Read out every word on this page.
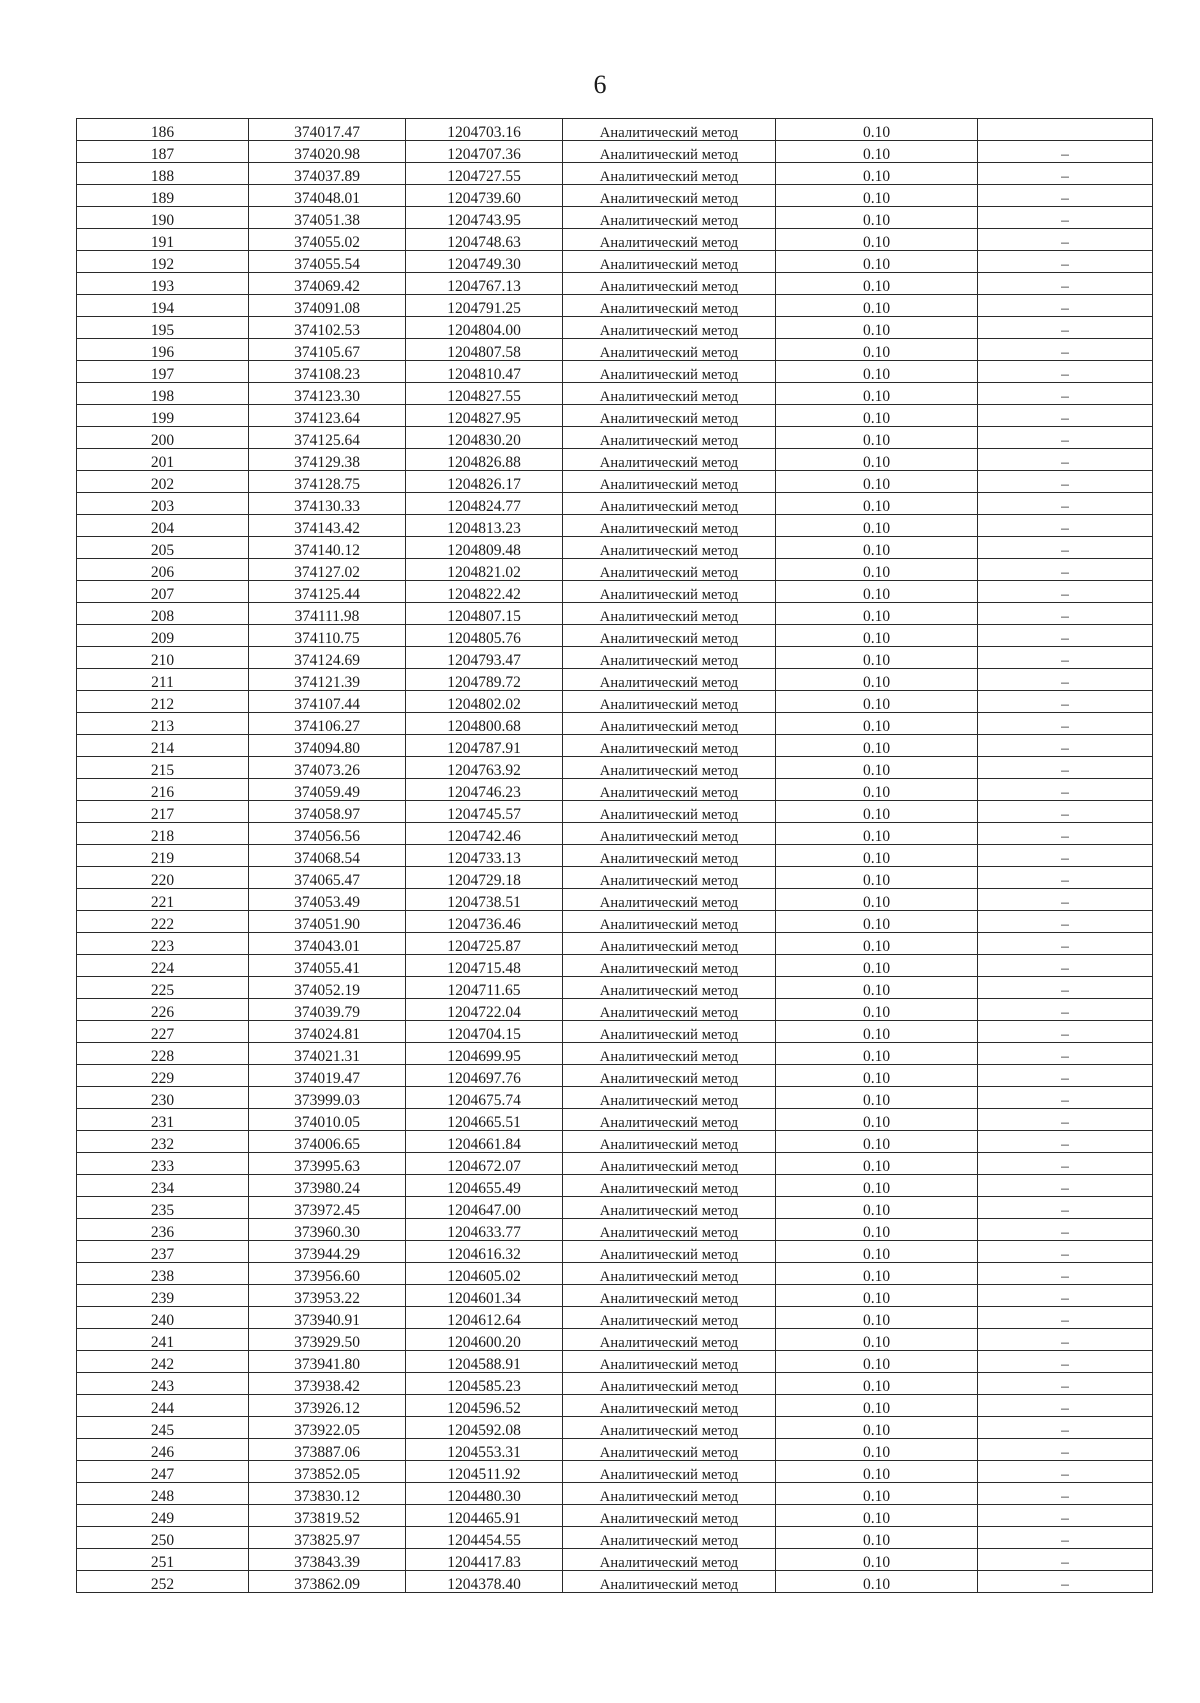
6
186	374017.47	1204703.16	Аналитический метод	0.10	
187	374020.98	1204707.36	Аналитический метод	0.10	–
188	374037.89	1204727.55	Аналитический метод	0.10	–
189	374048.01	1204739.60	Аналитический метод	0.10	–
190	374051.38	1204743.95	Аналитический метод	0.10	–
191	374055.02	1204748.63	Аналитический метод	0.10	–
192	374055.54	1204749.30	Аналитический метод	0.10	–
193	374069.42	1204767.13	Аналитический метод	0.10	–
194	374091.08	1204791.25	Аналитический метод	0.10	–
195	374102.53	1204804.00	Аналитический метод	0.10	–
196	374105.67	1204807.58	Аналитический метод	0.10	–
197	374108.23	1204810.47	Аналитический метод	0.10	–
198	374123.30	1204827.55	Аналитический метод	0.10	–
199	374123.64	1204827.95	Аналитический метод	0.10	–
200	374125.64	1204830.20	Аналитический метод	0.10	–
201	374129.38	1204826.88	Аналитический метод	0.10	–
202	374128.75	1204826.17	Аналитический метод	0.10	–
203	374130.33	1204824.77	Аналитический метод	0.10	–
204	374143.42	1204813.23	Аналитический метод	0.10	–
205	374140.12	1204809.48	Аналитический метод	0.10	–
206	374127.02	1204821.02	Аналитический метод	0.10	–
207	374125.44	1204822.42	Аналитический метод	0.10	–
208	374111.98	1204807.15	Аналитический метод	0.10	–
209	374110.75	1204805.76	Аналитический метод	0.10	–
210	374124.69	1204793.47	Аналитический метод	0.10	–
211	374121.39	1204789.72	Аналитический метод	0.10	–
212	374107.44	1204802.02	Аналитический метод	0.10	–
213	374106.27	1204800.68	Аналитический метод	0.10	–
214	374094.80	1204787.91	Аналитический метод	0.10	–
215	374073.26	1204763.92	Аналитический метод	0.10	–
216	374059.49	1204746.23	Аналитический метод	0.10	–
217	374058.97	1204745.57	Аналитический метод	0.10	–
218	374056.56	1204742.46	Аналитический метод	0.10	–
219	374068.54	1204733.13	Аналитический метод	0.10	–
220	374065.47	1204729.18	Аналитический метод	0.10	–
221	374053.49	1204738.51	Аналитический метод	0.10	–
222	374051.90	1204736.46	Аналитический метод	0.10	–
223	374043.01	1204725.87	Аналитический метод	0.10	–
224	374055.41	1204715.48	Аналитический метод	0.10	–
225	374052.19	1204711.65	Аналитический метод	0.10	–
226	374039.79	1204722.04	Аналитический метод	0.10	–
227	374024.81	1204704.15	Аналитический метод	0.10	–
228	374021.31	1204699.95	Аналитический метод	0.10	–
229	374019.47	1204697.76	Аналитический метод	0.10	–
230	373999.03	1204675.74	Аналитический метод	0.10	–
231	374010.05	1204665.51	Аналитический метод	0.10	–
232	374006.65	1204661.84	Аналитический метод	0.10	–
233	373995.63	1204672.07	Аналитический метод	0.10	–
234	373980.24	1204655.49	Аналитический метод	0.10	–
235	373972.45	1204647.00	Аналитический метод	0.10	–
236	373960.30	1204633.77	Аналитический метод	0.10	–
237	373944.29	1204616.32	Аналитический метод	0.10	–
238	373956.60	1204605.02	Аналитический метод	0.10	–
239	373953.22	1204601.34	Аналитический метод	0.10	–
240	373940.91	1204612.64	Аналитический метод	0.10	–
241	373929.50	1204600.20	Аналитический метод	0.10	–
242	373941.80	1204588.91	Аналитический метод	0.10	–
243	373938.42	1204585.23	Аналитический метод	0.10	–
244	373926.12	1204596.52	Аналитический метод	0.10	–
245	373922.05	1204592.08	Аналитический метод	0.10	–
246	373887.06	1204553.31	Аналитический метод	0.10	–
247	373852.05	1204511.92	Аналитический метод	0.10	–
248	373830.12	1204480.30	Аналитический метод	0.10	–
249	373819.52	1204465.91	Аналитический метод	0.10	–
250	373825.97	1204454.55	Аналитический метод	0.10	–
251	373843.39	1204417.83	Аналитический метод	0.10	–
252	373862.09	1204378.40	Аналитический метод	0.10	–
